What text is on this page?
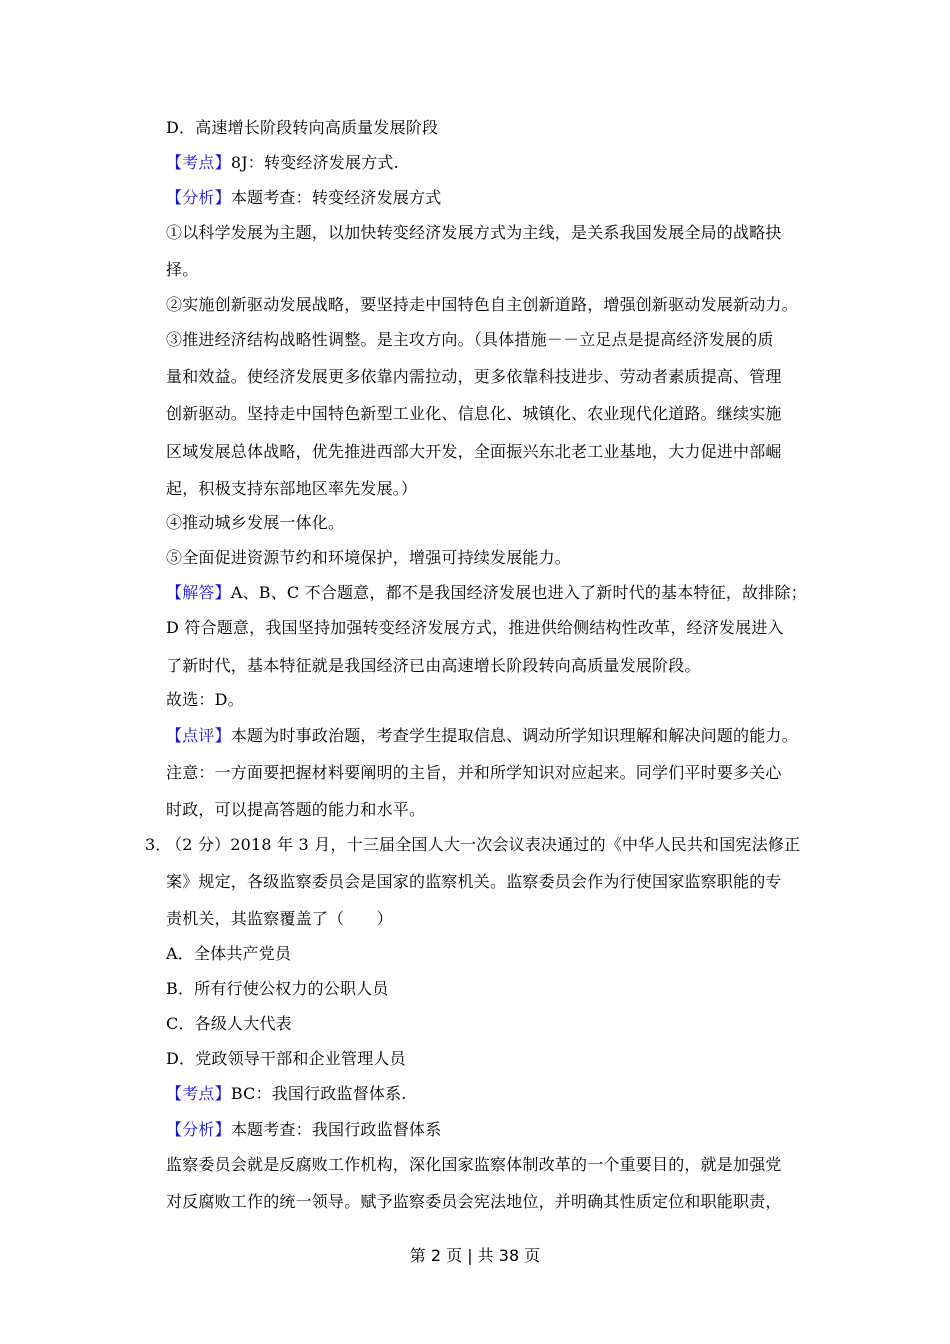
D．高速增长阶段转向高质量发展阶段
【考点】8J：转变经济发展方式.
【分析】本题考查：转变经济发展方式
①以科学发展为主题，以加快转变经济发展方式为主线，是关系我国发展全局的战略抉
择。
②实施创新驱动发展战略，要坚持走中国特色自主创新道路，增强创新驱动发展新动力。
③推进经济结构战略性调整。是主攻方向。（具体措施－－立足点是提高经济发展的质
量和效益。使经济发展更多依靠内需拉动，更多依靠科技进步、劳动者素质提高、管理
创新驱动。坚持走中国特色新型工业化、信息化、城镇化、农业现代化道路。继续实施
区域发展总体战略，优先推进西部大开发，全面振兴东北老工业基地，大力促进中部崛
起，积极支持东部地区率先发展。）
④推动城乡发展一体化。
⑤全面促进资源节约和环境保护，增强可持续发展能力。
【解答】A、B、C 不合题意，都不是我国经济发展也进入了新时代的基本特征，故排除；
D 符合题意，我国坚持加强转变经济发展方式，推进供给侧结构性改革，经济发展进入
了新时代，基本特征就是我国经济已由高速增长阶段转向高质量发展阶段。
故选：D。
【点评】本题为时事政治题，考查学生提取信息、调动所学知识理解和解决问题的能力。
注意：一方面要把握材料要阐明的主旨，并和所学知识对应起来。同学们平时要多关心
时政，可以提高答题的能力和水平。
3．
（2 分）2018 年 3 月，十三届全国人大一次会议表决通过的《中华人民共和国宪法修正
案》规定，各级监察委员会是国家的监察机关。监察委员会作为行使国家监察职能的专
责机关，其监察覆盖了（　　）
A．全体共产党员
B．所有行使公权力的公职人员
C．各级人大代表
D．党政领导干部和企业管理人员
【考点】BC：我国行政监督体系.
【分析】本题考查：我国行政监督体系
监察委员会就是反腐败工作机构，深化国家监察体制改革的一个重要目的，就是加强党
对反腐败工作的统一领导。赋予监察委员会宪法地位，并明确其性质定位和职能职责，
第 2 页 | 共 38 页
